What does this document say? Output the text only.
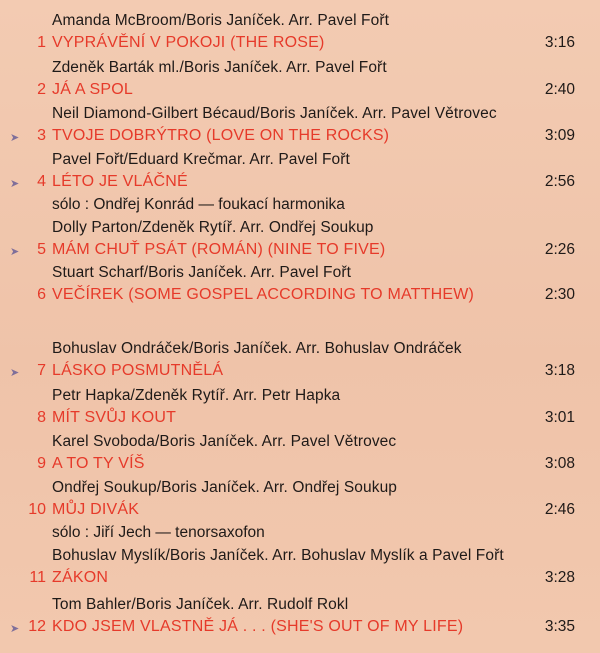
Amanda McBroom/Boris Janíček. Arr. Pavel Fořt
1 VYPRÁVĚNÍ V POKOJI (THE ROSE)	3:16
Zdeněk Barták ml./Boris Janíček. Arr. Pavel Fořt
2 JÁ A SPOL	2:40
Neil Diamond-Gilbert Bécaud/Boris Janíček. Arr. Pavel Větrovec
➤	3 TVOJE DOBRÝTRO (LOVE ON THE ROCKS)	3:09
Pavel Fořt/Eduard Krečmar. Arr. Pavel Fořt
➤	4 LÉTO JE VLÁČNÉ	2:56
sólo : Ondřej Konrád — foukací harmonika
Dolly Parton/Zdeněk Rytíř. Arr. Ondřej Soukup
➤	5 MÁM CHUŤ PSÁT (ROMÁN) (NINE TO FIVE)	2:26
Stuart Scharf/Boris Janíček. Arr. Pavel Fořt
6 VEČÍREK (SOME GOSPEL ACCORDING TO MATTHEW)	2:30
Bohuslav Ondráček/Boris Janíček. Arr. Bohuslav Ondráček
➤	7 LÁSKO POSMUTNĚLÁ	3:18
Petr Hapka/Zdeněk Rytíř. Arr. Petr Hapka
8 MÍT SVŮJ KOUT	3:01
Karel Svoboda/Boris Janíček. Arr. Pavel Větrovec
9 A TO TY VÍŠ	3:08
Ondřej Soukup/Boris Janíček. Arr. Ondřej Soukup
10 MŮJ DIVÁK	2:46
sólo : Jiří Jech — tenorsaxofon
Bohuslav Myslík/Boris Janíček. Arr. Bohuslav Myslík a Pavel Fořt
11 ZÁKON	3:28
Tom Bahler/Boris Janíček. Arr. Rudolf Rokl
➤ 12 KDO JSEM VLASTNĚ JÁ . . . (SHE'S OUT OF MY LIFE)	3:35
